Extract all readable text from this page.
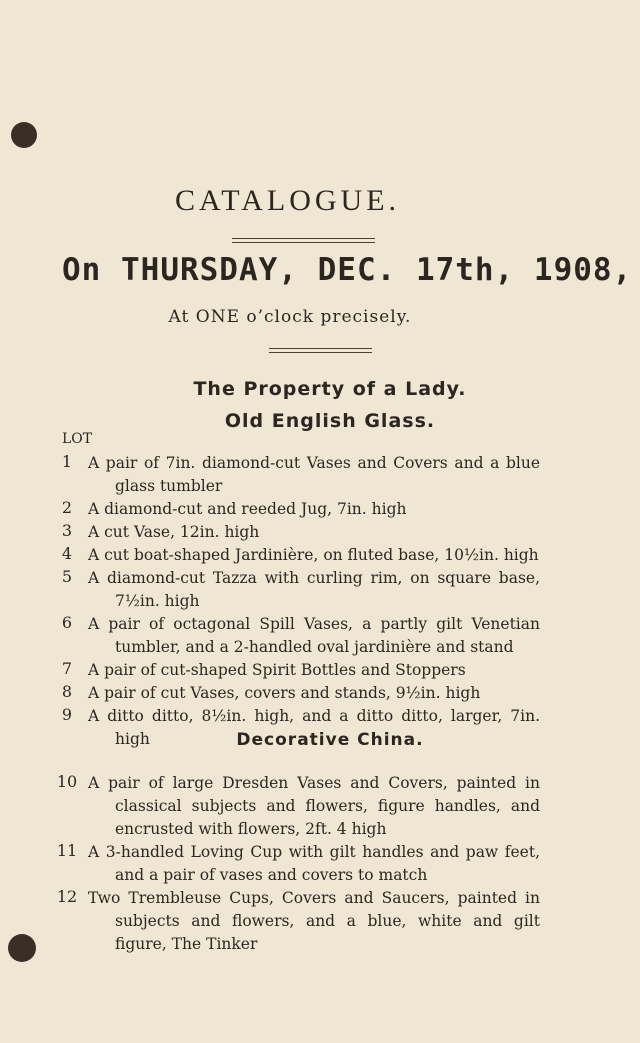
CATALOGUE.
On THURSDAY, DEC. 17th, 1908,
At ONE o’clock precisely.
The Property of a Lady.
Old English Glass.
LOT
1	A pair of 7in. diamond-cut Vases and Covers and a blue glass tumbler
2	A diamond-cut and reeded Jug, 7in. high
3	A cut Vase, 12in. high
4	A cut boat-shaped Jardinière, on fluted base, 10½in. high
5	A diamond-cut Tazza with curling rim, on square base, 7½in. high
6	A pair of octagonal Spill Vases, a partly gilt Venetian tumbler, and a 2-handled oval jardinière and stand
7	A pair of cut-shaped Spirit Bottles and Stoppers
8	A pair of cut Vases, covers and stands, 9½in. high
9	A ditto ditto, 8½in. high, and a ditto ditto, larger, 7in. high	Decorative China.
10 A pair of large Dresden Vases and Covers, painted in classical subjects and flowers, figure handles, and encrusted with flowers, 2ft. 4 high
11 A 3-handled Loving Cup with gilt handles and paw feet, and a pair of vases and covers to match
12 Two Trembleuse Cups, Covers and Saucers, painted in subjects and flowers, and a blue, white and gilt figure, The Tinker
